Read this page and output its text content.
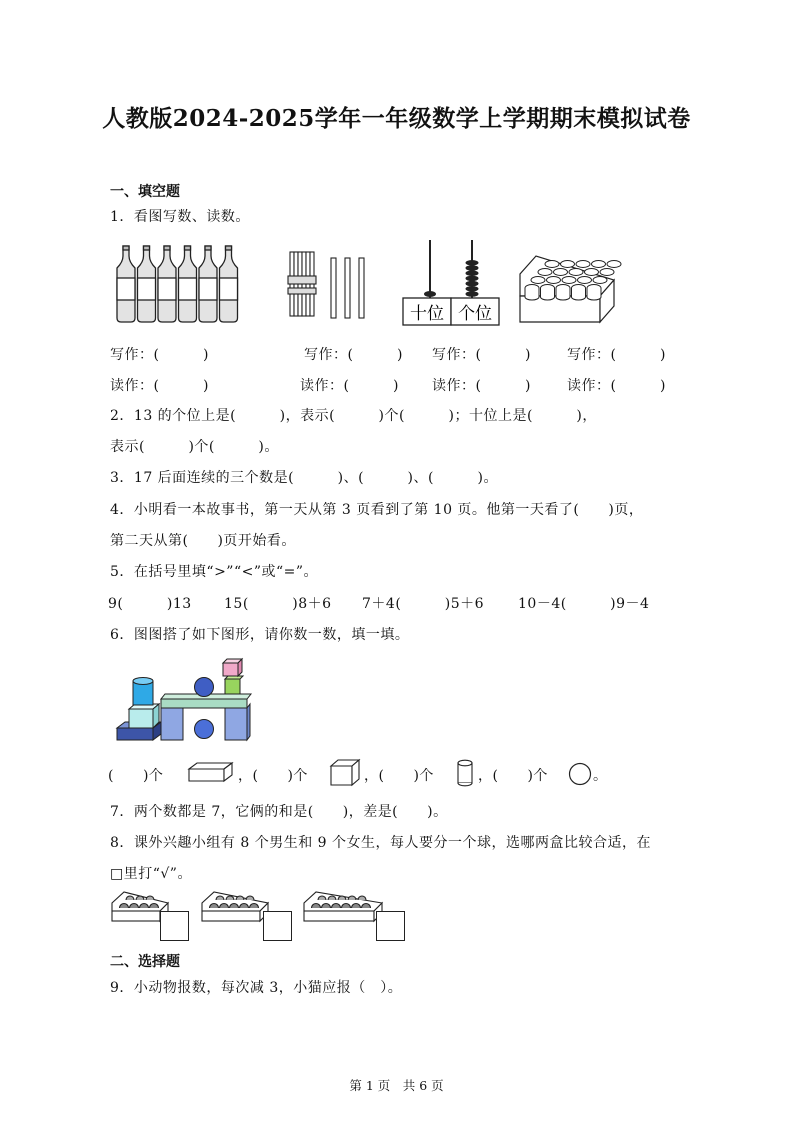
人教版2024-2025学年一年级数学上学期期末模拟试卷
一、填空题
1．看图写数、读数。
十位 个位
写作：(　　　)	写作：(　　　) 写作：(　　　)	写作：(　　　)
读作：(　　　)	读作：(　　　) 读作：(　　　)	读作：(　　　)
2．13 的个位上是(　　　)，表示(　　　)个(　　　)；十位上是(　　　)，
表示(　　　)个(　　　)。
3．17 后面连续的三个数是(　　　)、(　　　)、(　　　)。
4．小明看一本故事书，第一天从第 3 页看到了第 10 页。他第一天看了(　　)页，
第二天从第(　　)页开始看。
5．在括号里填“>”“<”或“=”。
9(　　　)13 15(　　　)8＋6 7＋4(　　　)5＋6 10－4(　　　)9－4
6．图图搭了如下图形，请你数一数，填一填。
(　　)个	，(　　)个	，(　　)个	，(　　)个	。
7．两个数都是 7，它俩的和是(　　)，差是(　　)。
8．课外兴趣小组有 8 个男生和 9 个女生，每人要分一个球，选哪两盒比较合适，在
□里打“√”。
二、选择题
9．小动物报数，每次减 3，小猫应报（　）。
第 1 页　共 6 页
